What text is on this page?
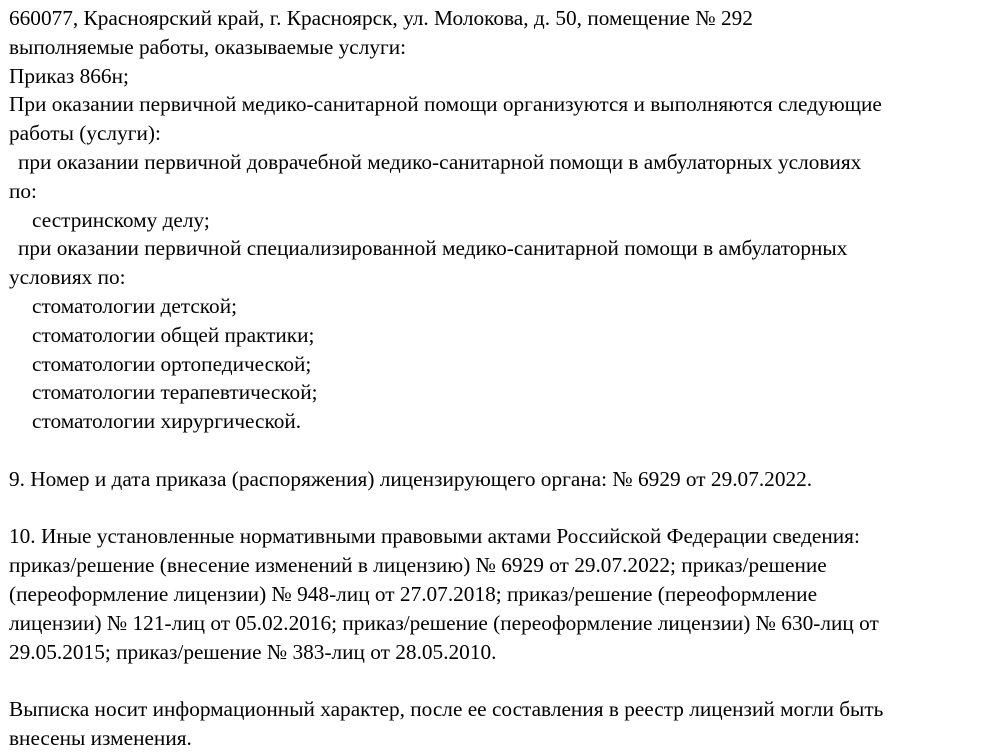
660077, Красноярский край, г. Красноярск, ул. Молокова, д. 50, помещение № 292
выполняемые работы, оказываемые услуги:
Приказ 866н;
При оказании первичной медико-санитарной помощи организуются и выполняются следующие
работы (услуги):
при оказании первичной доврачебной медико-санитарной помощи в амбулаторных условиях
по:
сестринскому делу;
при оказании первичной специализированной медико-санитарной помощи в амбулаторных
условиях по:
стоматологии детской;
стоматологии общей практики;
стоматологии ортопедической;
стоматологии терапевтической;
стоматологии хирургической.
9. Номер и дата приказа (распоряжения) лицензирующего органа: № 6929 от 29.07.2022.
10. Иные установленные нормативными правовыми актами Российской Федерации сведения:
приказ/решение (внесение изменений в лицензию) № 6929 от 29.07.2022; приказ/решение
(переоформление лицензии) № 948-лиц от 27.07.2018; приказ/решение (переоформление
лицензии) № 121-лиц от 05.02.2016; приказ/решение (переоформление лицензии) № 630-лиц от
29.05.2015; приказ/решение № 383-лиц от 28.05.2010.
Выписка носит информационный характер, после ее составления в реестр лицензий могли быть
внесены изменения.
